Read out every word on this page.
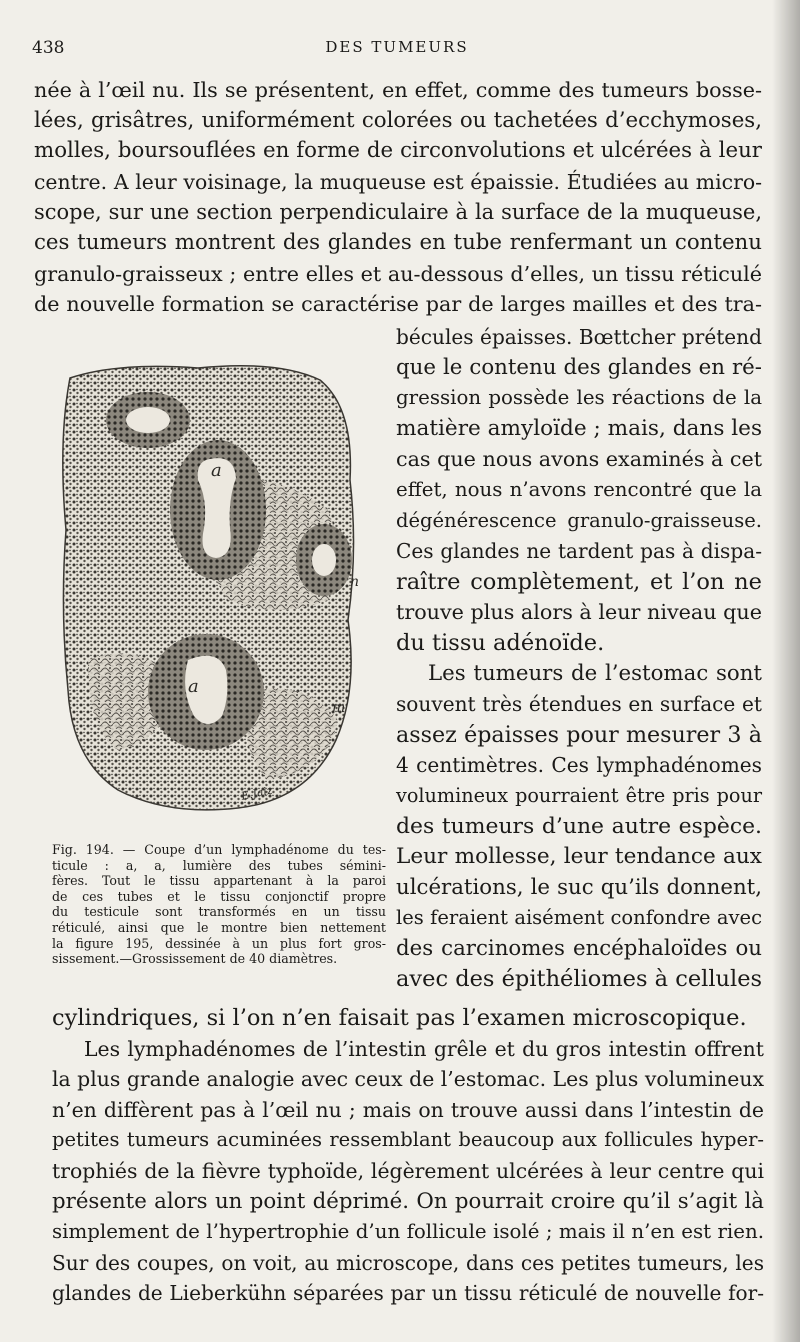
438	DES TUMEURS
née à l’œil nu. Ils se présentent, en effet, comme des tumeurs bosse-
lées, grisâtres, uniformément colorées ou tachetées d’ecchymoses,
molles, boursouflées en forme de circonvolutions et ulcérées à leur
centre. A leur voisinage, la muqueuse est épaissie. Étudiées au micro-
scope, sur une section perpendiculaire à la surface de la muqueuse,
ces tumeurs montrent des glandes en tube renfermant un contenu
granulo-graisseux ; entre elles et au-dessous d’elles, un tissu réticulé
de nouvelle formation se caractérise par de larges mailles et des tra-
a
a
n
m
E.Jaiz
Fig. 194. — Coupe d’un lymphadénome du tes-
ticule : a, a, lumière des tubes sémini-
fères. Tout le tissu appartenant à la paroi
de ces tubes et le tissu conjonctif propre
du testicule sont transformés en un tissu
réticulé, ainsi que le montre bien nettement
la figure 195, dessinée à un plus fort gros-
sissement.—Grossissement de 40 diamètres.
bécules épaisses. Bœttcher prétend
que le contenu des glandes en ré-
gression possède les réactions de la
matière amyloïde ; mais, dans les
cas que nous avons examinés à cet
effet, nous n’avons rencontré que la
dégénérescence granulo-graisseuse.
Ces glandes ne tardent pas à dispa-
raître complètement, et l’on ne
trouve plus alors à leur niveau que
du tissu adénoïde.
Les tumeurs de l’estomac sont
souvent très étendues en surface et
assez épaisses pour mesurer 3 à
4 centimètres. Ces lymphadénomes
volumineux pourraient être pris pour
des tumeurs d’une autre espèce.
Leur mollesse, leur tendance aux
ulcérations, le suc qu’ils donnent,
les feraient aisément confondre avec
des carcinomes encéphaloïdes ou
avec des épithéliomes à cellules
cylindriques, si l’on n’en faisait pas l’examen microscopique.
Les lymphadénomes de l’intestin grêle et du gros intestin offrent
la plus grande analogie avec ceux de l’estomac. Les plus volumineux
n’en diffèrent pas à l’œil nu ; mais on trouve aussi dans l’intestin de
petites tumeurs acuminées ressemblant beaucoup aux follicules hyper-
trophiés de la fièvre typhoïde, légèrement ulcérées à leur centre qui
présente alors un point déprimé. On pourrait croire qu’il s’agit là
simplement de l’hypertrophie d’un follicule isolé ; mais il n’en est rien.
Sur des coupes, on voit, au microscope, dans ces petites tumeurs, les
glandes de Lieberkühn séparées par un tissu réticulé de nouvelle for-
